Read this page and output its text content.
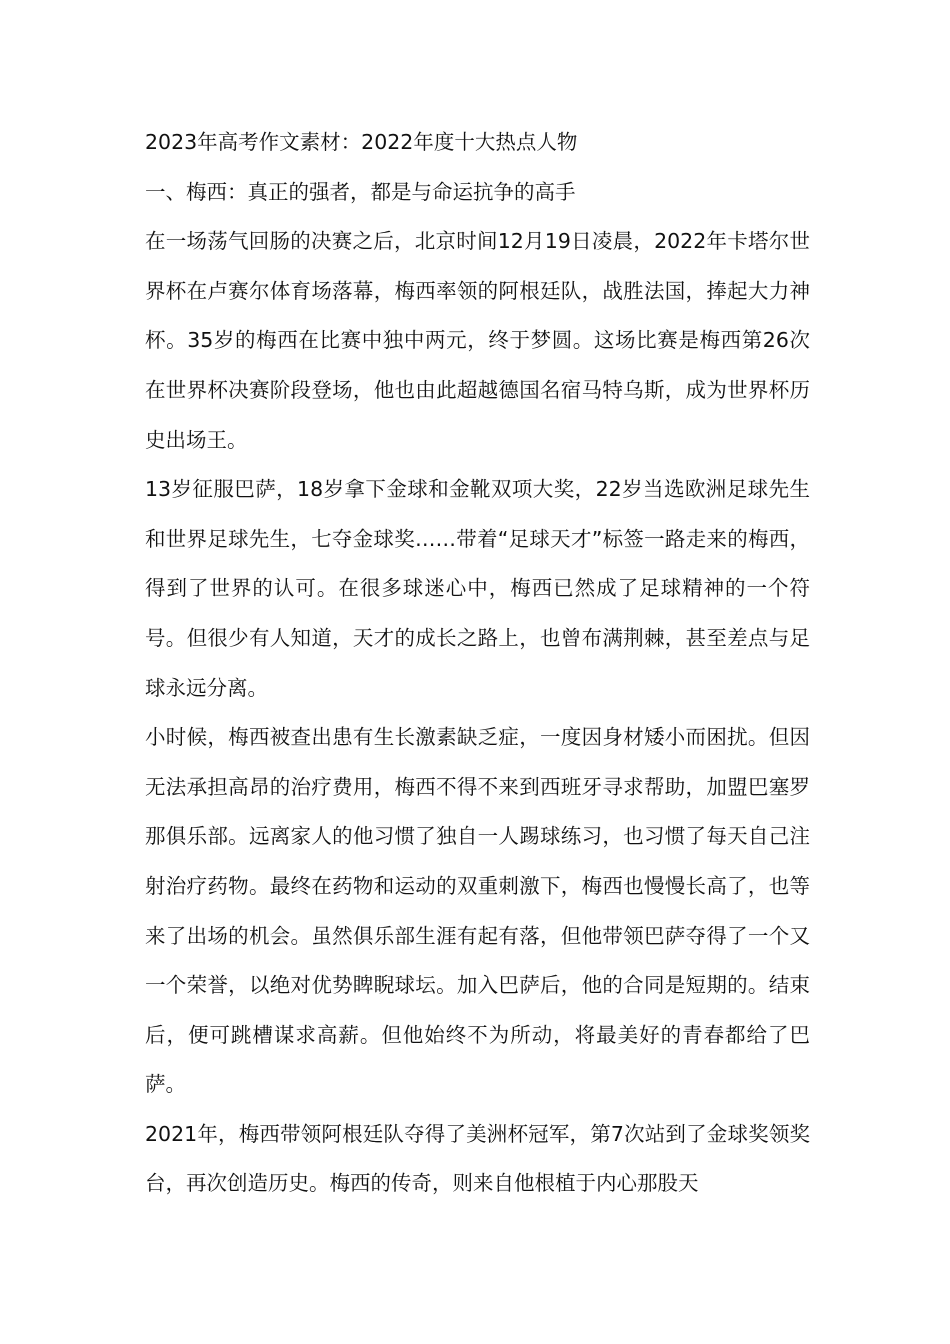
2023年高考作文素材：2022年度十大热点人物

一、梅西：真正的强者，都是与命运抗争的高手

在一场荡气回肠的决赛之后，北京时间12月19日凌晨，2022年卡塔尔世界杯在卢赛尔体育场落幕，梅西率领的阿根廷队，战胜法国，捧起大力神杯。35岁的梅西在比赛中独中两元，终于梦圆。这场比赛是梅西第26次在世界杯决赛阶段登场，他也由此超越德国名宿马特乌斯，成为世界杯历史出场王。

13岁征服巴萨，18岁拿下金球和金靴双项大奖，22岁当选欧洲足球先生和世界足球先生，七夺金球奖……带着“足球天才”标签一路走来的梅西，得到了世界的认可。在很多球迷心中，梅西已然成了足球精神的一个符号。但很少有人知道，天才的成长之路上，也曾布满荆棘，甚至差点与足球永远分离。

小时候，梅西被查出患有生长激素缺乏症，一度因身材矮小而困扰。但因无法承担高昂的治疗费用，梅西不得不来到西班牙寻求帮助，加盟巴塞罗那俱乐部。远离家人的他习惯了独自一人踢球练习，也习惯了每天自己注射治疗药物。最终在药物和运动的双重刺激下，梅西也慢慢长高了，也等来了出场的机会。虽然俱乐部生涯有起有落，但他带领巴萨夺得了一个又一个荣誉，以绝对优势睥睨球坛。加入巴萨后，他的合同是短期的。结束后，便可跳槽谋求高薪。但他始终不为所动，将最美好的青春都给了巴萨。

2021年，梅西带领阿根廷队夺得了美洲杯冠军，第7次站到了金球奖领奖台，再次创造历史。梅西的传奇，则来自他根植于内心那股天
